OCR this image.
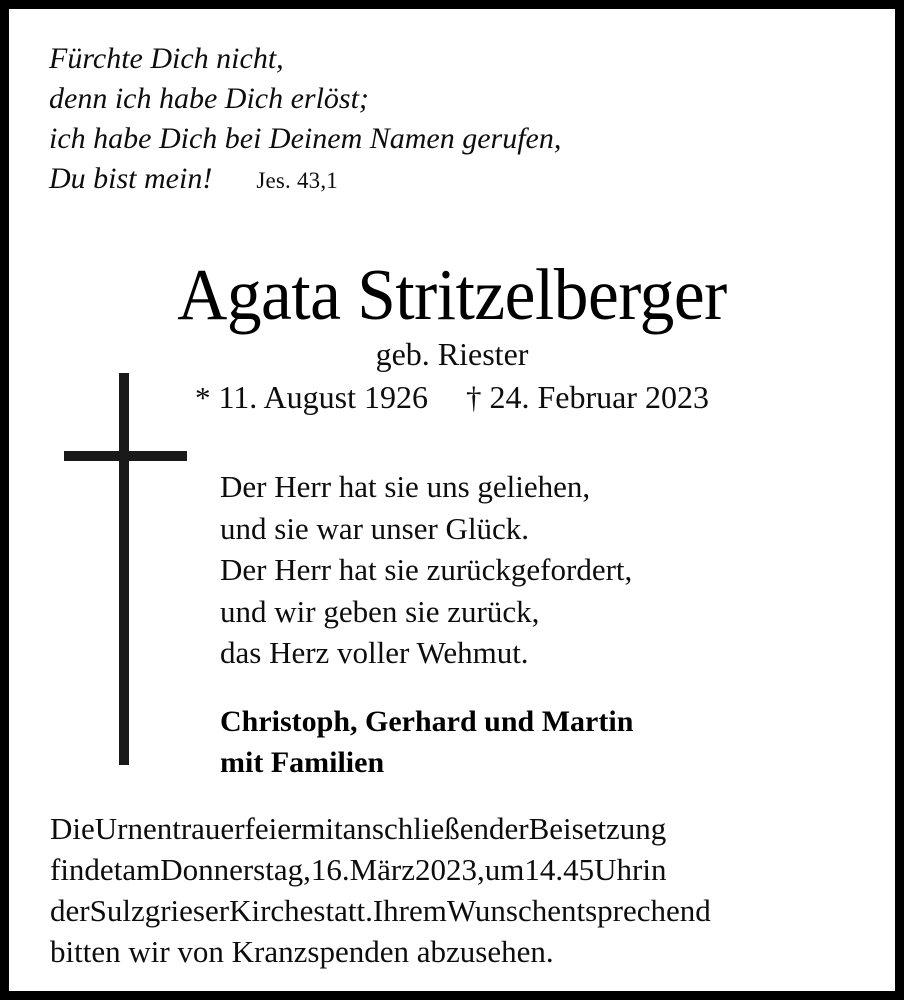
Fürchte Dich nicht,
denn ich habe Dich erlöst;
ich habe Dich bei Deinem Namen gerufen,
Du bist mein! Jes. 43,1
Agata Stritzelberger
geb. Riester
* 11. August 1926 † 24. Februar 2023
Der Herr hat sie uns geliehen,
und sie war unser Glück.
Der Herr hat sie zurückgefordert,
und wir geben sie zurück,
das Herz voller Wehmut.
Christoph, Gerhard und Martin
mit Familien
DieUrnentrauerfeiermitanschließenderBeisetzung
findetamDonnerstag,16.März2023,um14.45Uhrin
derSulzgrieserKirchestatt.IhremWunschentsprechend
bitten wir von Kranzspenden abzusehen.
